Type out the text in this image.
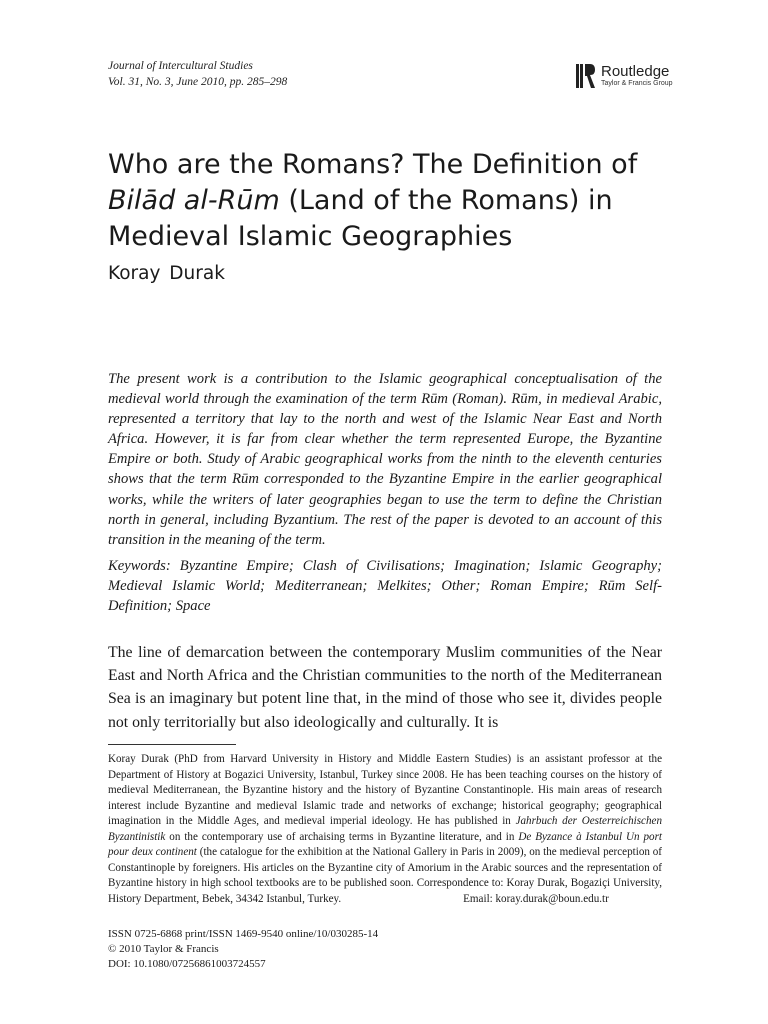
Journal of Intercultural Studies
Vol. 31, No. 3, June 2010, pp. 285–298
Routledge
Taylor & Francis Group
Who are the Romans? The Definition of Bilād al-Rūm (Land of the Romans) in Medieval Islamic Geographies
Koray Durak

The present work is a contribution to the Islamic geographical conceptualisation of the medieval world through the examination of the term Rūm (Roman). Rūm, in medieval Arabic, represented a territory that lay to the north and west of the Islamic Near East and North Africa. However, it is far from clear whether the term represented Europe, the Byzantine Empire or both. Study of Arabic geographical works from the ninth to the eleventh centuries shows that the term Rūm corresponded to the Byzantine Empire in the earlier geographical works, while the writers of later geographies began to use the term to define the Christian north in general, including Byzantium. The rest of the paper is devoted to an account of this transition in the meaning of the term.

Keywords: Byzantine Empire; Clash of Civilisations; Imagination; Islamic Geography; Medieval Islamic World; Mediterranean; Melkites; Other; Roman Empire; Rūm Self-Definition; Space

The line of demarcation between the contemporary Muslim communities of the Near East and North Africa and the Christian communities to the north of the Mediterranean Sea is an imaginary but potent line that, in the mind of those who see it, divides people not only territorially but also ideologically and culturally. It is

Koray Durak (PhD from Harvard University in History and Middle Eastern Studies) is an assistant professor at the Department of History at Bogazici University, Istanbul, Turkey since 2008. He has been teaching courses on the history of medieval Mediterranean, the Byzantine history and the history of Byzantine Constantinople. His main areas of research interest include Byzantine and medieval Islamic trade and networks of exchange; historical geography; geographical imagination in the Middle Ages, and medieval imperial ideology. He has published in Jahrbuch der Oesterreichischen Byzantinistik on the contemporary use of archaising terms in Byzantine literature, and in De Byzance à Istanbul Un port pour deux continent (the catalogue for the exhibition at the National Gallery in Paris in 2009), on the medieval perception of Constantinople by foreigners. His articles on the Byzantine city of Amorium in the Arabic sources and the representation of Byzantine history in high school textbooks are to be published soon. Correspondence to: Koray Durak, Bogaziçi University, History Department, Bebek, 34342 Istanbul, Turkey.	Email: koray.durak@boun.edu.tr

ISSN 0725-6868 print/ISSN 1469-9540 online/10/030285-14
© 2010 Taylor & Francis
DOI: 10.1080/07256861003724557
